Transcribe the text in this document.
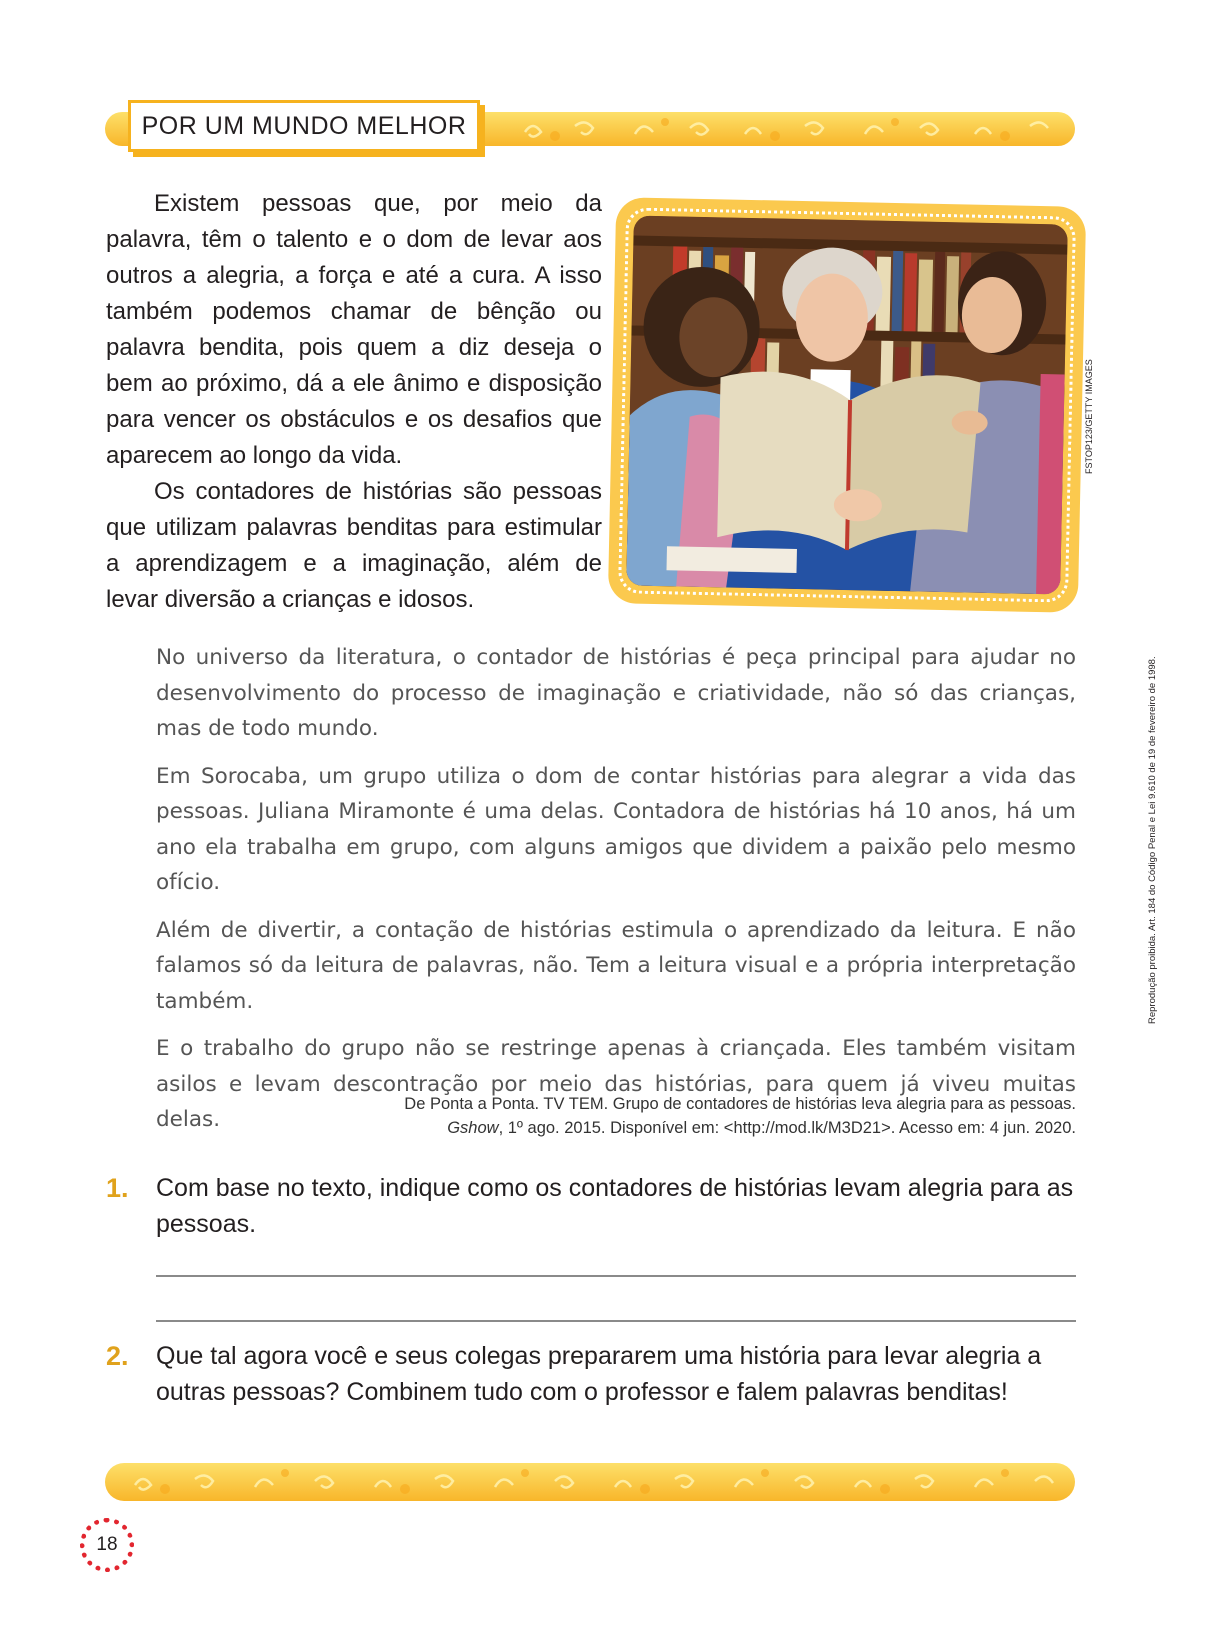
POR UM MUNDO MELHOR

Existem pessoas que, por meio da palavra, têm o talento e o dom de levar aos outros a alegria, a força e até a cura. A isso também podemos chamar de bênção ou palavra bendita, pois quem a diz deseja o bem ao próximo, dá a ele ânimo e disposição para vencer os obstáculos e os desafios que aparecem ao longo da vida.

Os contadores de histórias são pessoas que utilizam palavras benditas para estimular a aprendizagem e a imaginação, além de levar diversão a crianças e idosos.

FSTOP123/GETTY IMAGES
Reprodução proibida. Art. 184 do Código Penal e Lei 9.610 de 19 de fevereiro de 1998.

No universo da literatura, o contador de histórias é peça principal para ajudar no desenvolvimento do processo de imaginação e criatividade, não só das crianças, mas de todo mundo.

Em Sorocaba, um grupo utiliza o dom de contar histórias para alegrar a vida das pessoas. Juliana Miramonte é uma delas. Contadora de histórias há 10 anos, há um ano ela trabalha em grupo, com alguns amigos que dividem a paixão pelo mesmo ofício.

Além de divertir, a contação de histórias estimula o aprendizado da leitura. E não falamos só da leitura de palavras, não. Tem a leitura visual e a própria interpretação também.

E o trabalho do grupo não se restringe apenas à criançada. Eles também visitam asilos e levam descontração por meio das histórias, para quem já viveu muitas delas.

De Ponta a Ponta. TV TEM. Grupo de contadores de histórias leva alegria para as pessoas.
Gshow, 1º ago. 2015. Disponível em: <http://mod.lk/M3D21>. Acesso em: 4 jun. 2020.
1. Com base no texto, indique como os contadores de histórias levam alegria para as pessoas.
2. Que tal agora você e seus colegas prepararem uma história para levar alegria a outras pessoas? Combinem tudo com o professor e falem palavras benditas!
18
